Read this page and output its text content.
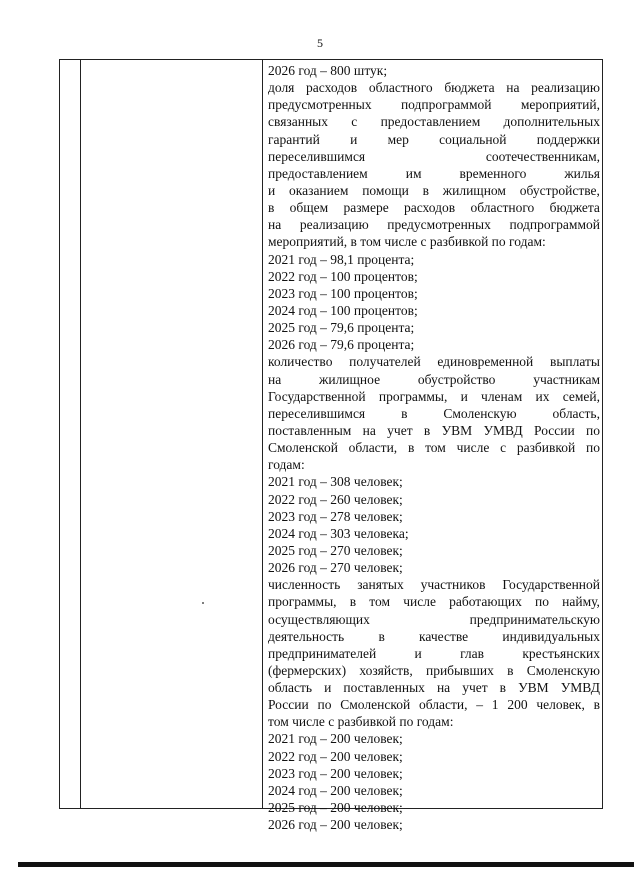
5
2026 год – 800 штук;
доля расходов областного бюджета на реализацию
предусмотренных подпрограммой мероприятий,
связанных с предоставлением дополнительных
гарантий и мер социальной поддержки
переселившимся	соотечественникам,
предоставлением	им	временного	жилья
и оказанием помощи в жилищном обустройстве,
в общем размере расходов областного бюджета
на реализацию предусмотренных подпрограммой
мероприятий, в том числе с разбивкой по годам:
2021 год – 98,1 процента;
2022 год – 100 процентов;
2023 год – 100 процентов;
2024 год – 100 процентов;
2025 год – 79,6 процента;
2026 год – 79,6 процента;
количество получателей единовременной выплаты
на	жилищное	обустройство	участникам
Государственной программы, и членам их семей,
переселившимся	в	Смоленскую	область,
поставленным на учет в УВМ УМВД России по
Смоленской области, в том числе с разбивкой по
годам:
2021 год – 308 человек;
2022 год – 260 человек;
2023 год – 278 человек;
2024 год – 303 человека;
2025 год – 270 человек;
2026 год – 270 человек;
численность занятых участников Государственной
программы, в том числе работающих по найму,
осуществляющих	предпринимательскую
деятельность	в	качестве	индивидуальных
предпринимателей	и	глав	крестьянских
(фермерских) хозяйств, прибывших в Смоленскую
область и поставленных на учет в УВМ УМВД
России по Смоленской области, – 1 200 человек, в
том числе с разбивкой по годам:
2021 год – 200 человек;
2022 год – 200 человек;
2023 год – 200 человек;
2024 год – 200 человек;
2025 год – 200 человек;
2026 год – 200 человек;
